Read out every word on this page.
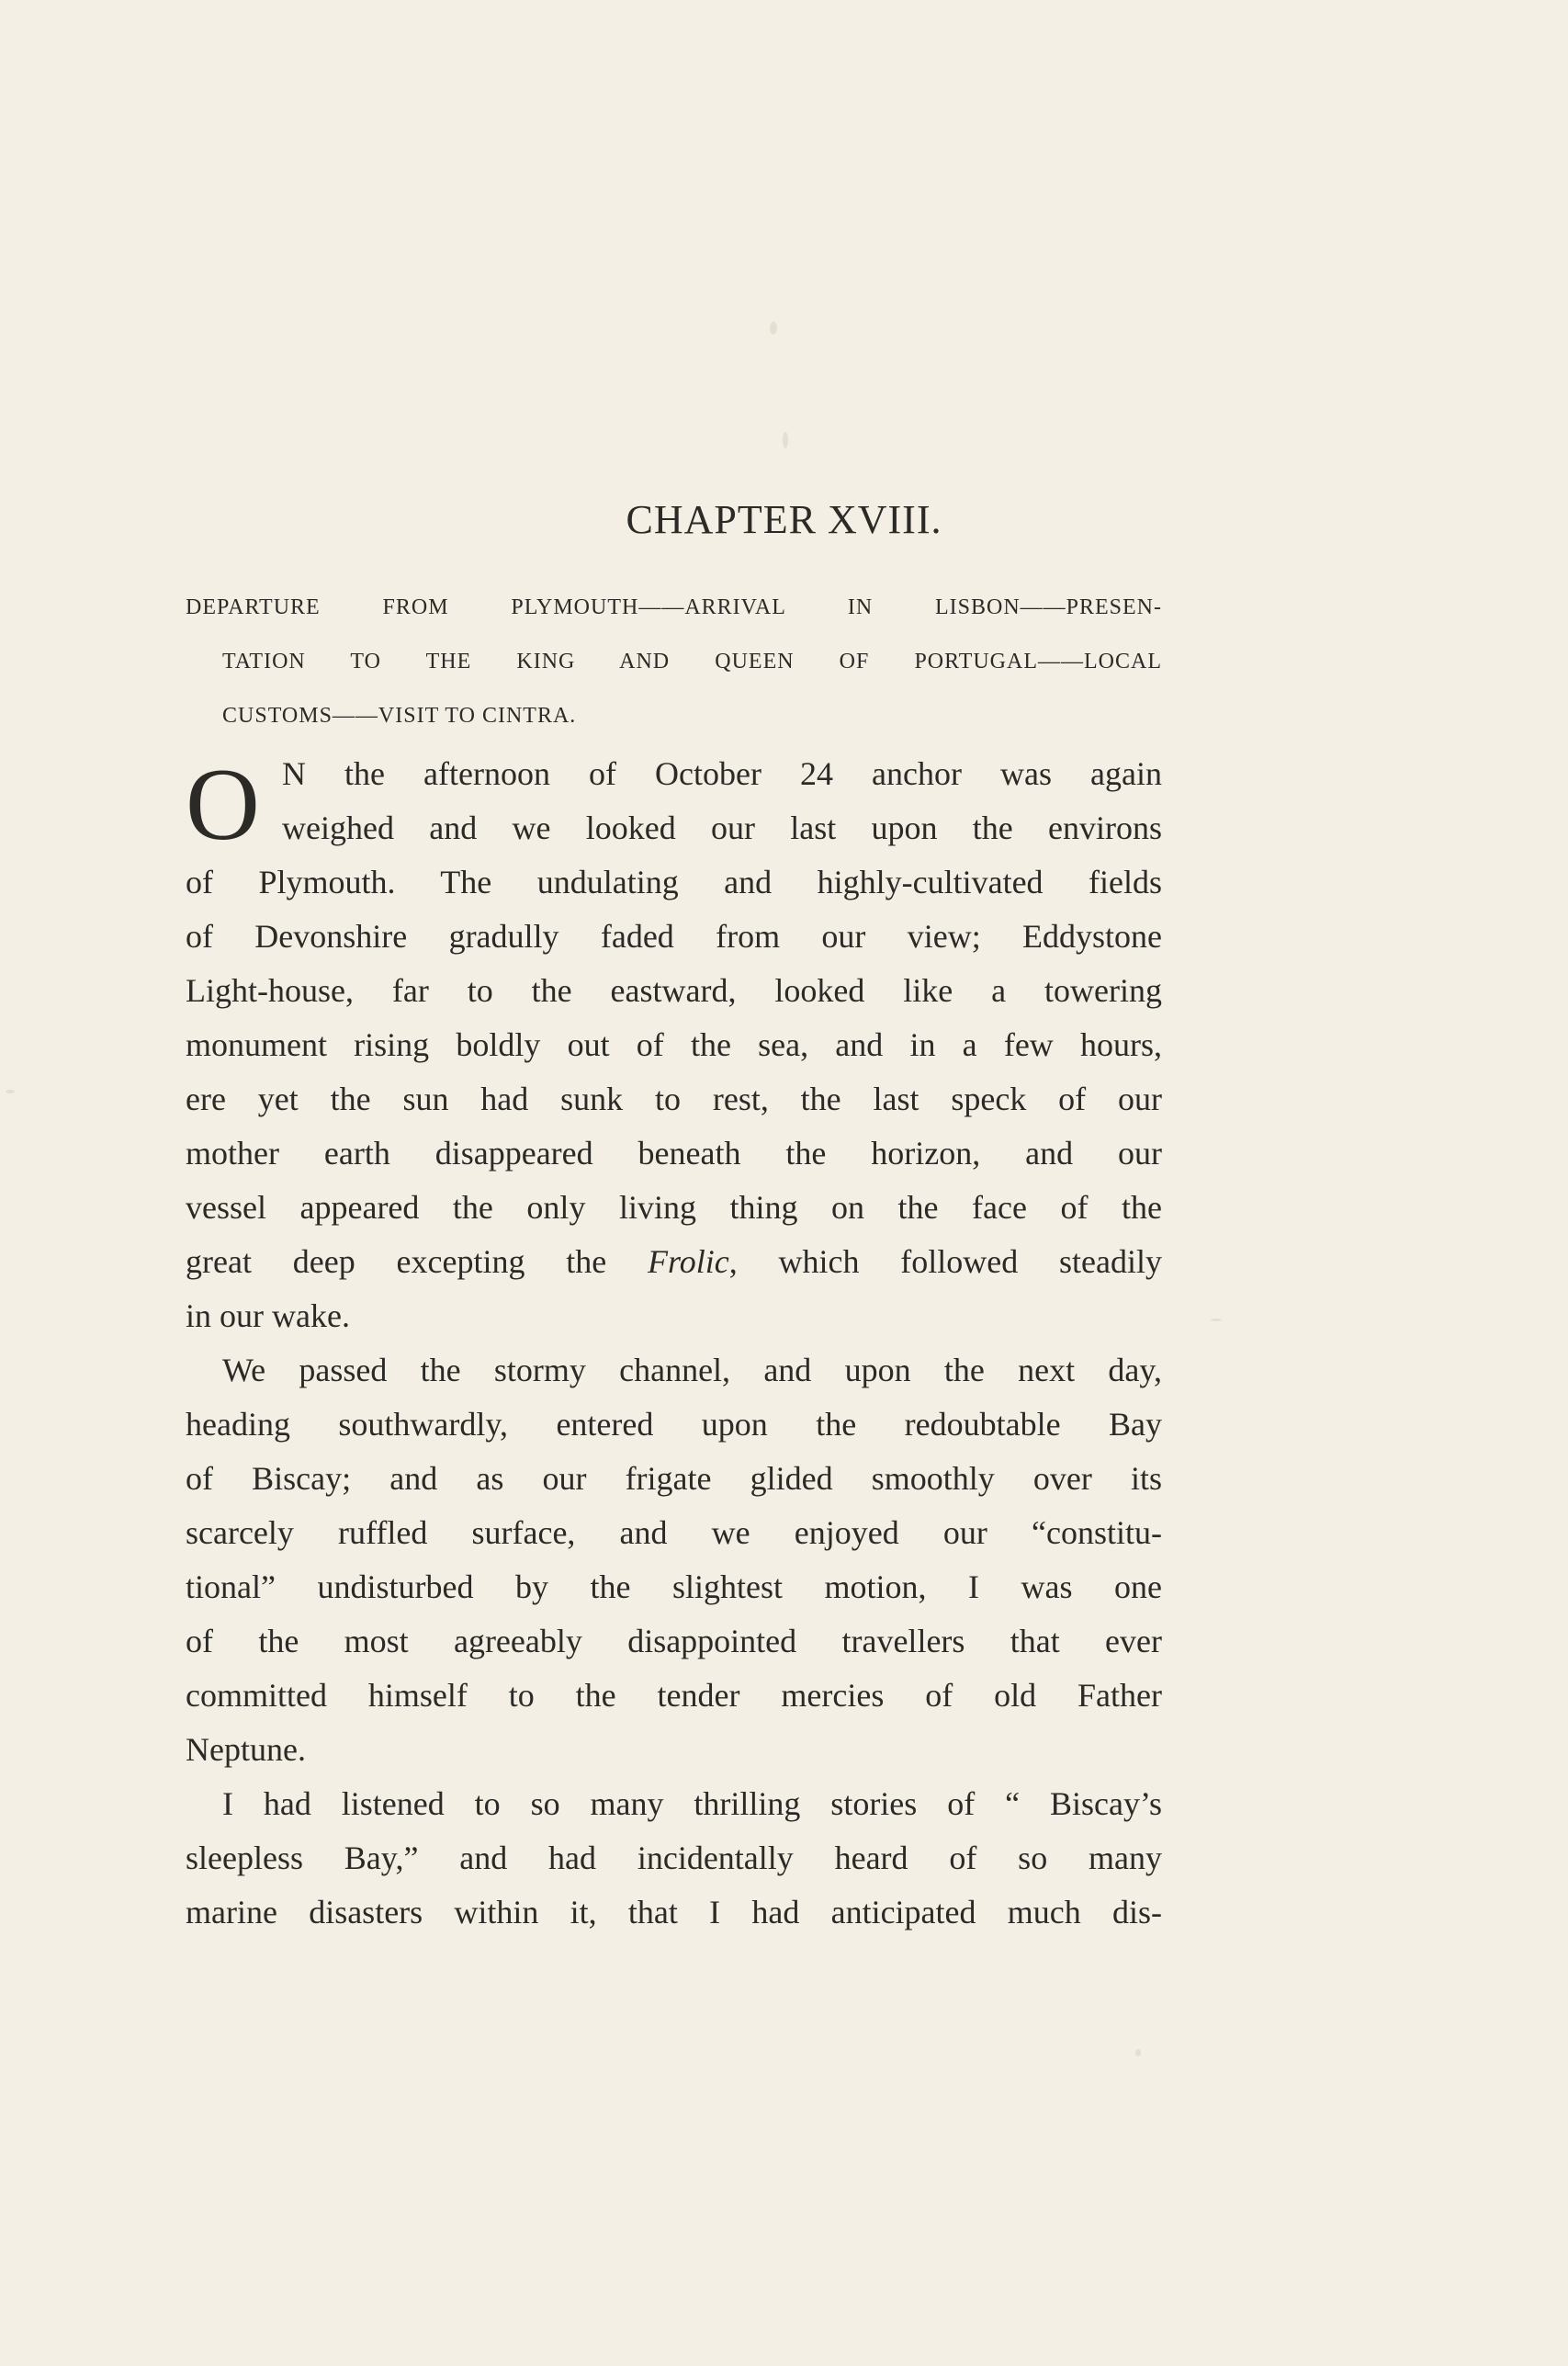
CHAPTER XVIII.
DEPARTURE FROM PLYMOUTH——ARRIVAL IN LISBON——PRESEN-
TATION TO THE KING AND QUEEN OF PORTUGAL——LOCAL
CUSTOMS——VISIT TO CINTRA.
O N the afternoon of October 24 anchor was again
weighed and we looked our last upon the environs
of Plymouth. The undulating and highly-cultivated fields
of Devonshire gradully faded from our view; Eddystone
Light-house, far to the eastward, looked like a towering
monument rising boldly out of the sea, and in a few hours,
ere yet the sun had sunk to rest, the last speck of our
mother earth disappeared beneath the horizon, and our
vessel appeared the only living thing on the face of the
great deep excepting the Frolic, which followed steadily
in our wake.
We passed the stormy channel, and upon the next day,
heading southwardly, entered upon the redoubtable Bay
of Biscay; and as our frigate glided smoothly over its
scarcely ruffled surface, and we enjoyed our “constitu-
tional” undisturbed by the slightest motion, I was one
of the most agreeably disappointed travellers that ever
committed himself to the tender mercies of old Father
Neptune.
I had listened to so many thrilling stories of “ Biscay’s
sleepless Bay,” and had incidentally heard of so many
marine disasters within it, that I had anticipated much dis-
